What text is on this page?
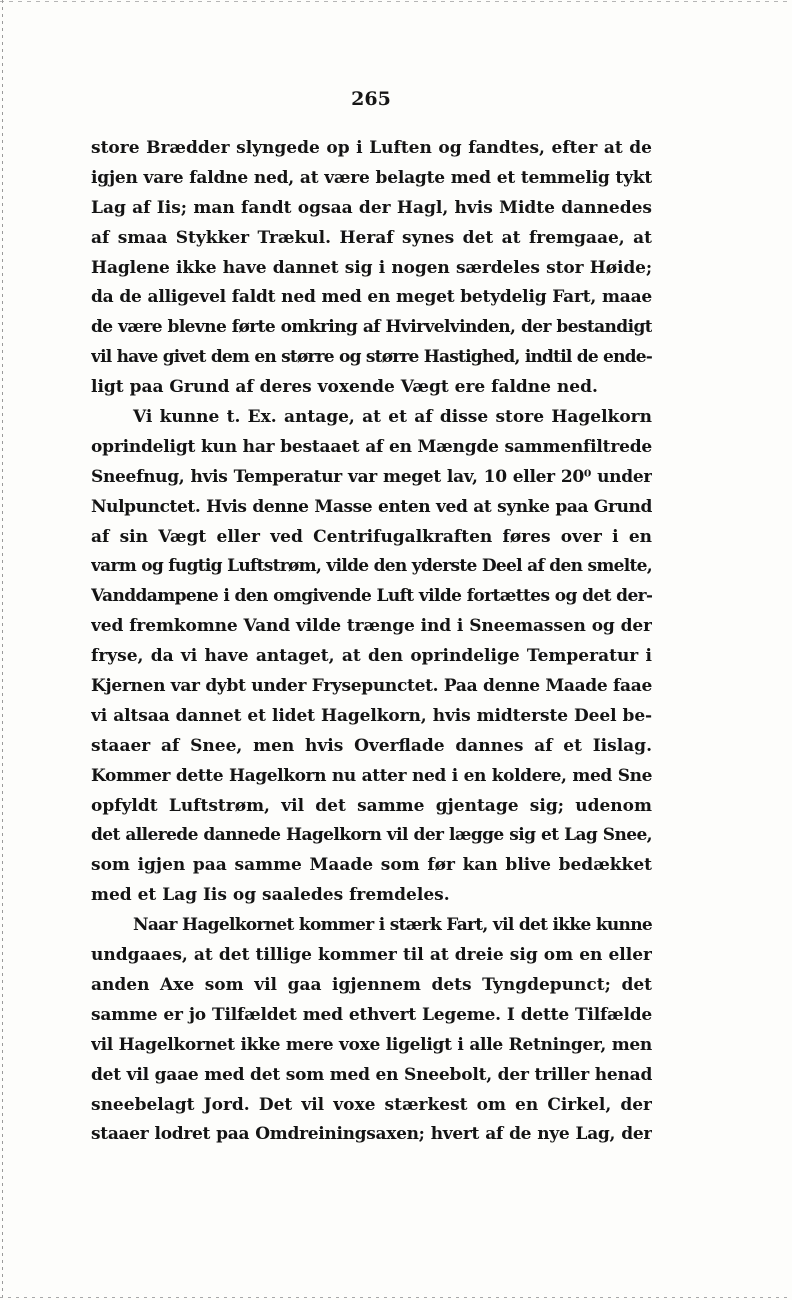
265
store Brædder slyngede op i Luften og fandtes, efter at de
igjen vare faldne ned, at være belagte med et temmelig tykt
Lag af Iis; man fandt ogsaa der Hagl, hvis Midte dannedes
af smaa Stykker Trækul. Heraf synes det at fremgaae, at
Haglene ikke have dannet sig i nogen særdeles stor Høide;
da de alligevel faldt ned med en meget betydelig Fart, maae
de være blevne førte omkring af Hvirvelvinden, der bestandigt
vil have givet dem en større og større Hastighed, indtil de ende-
ligt paa Grund af deres voxende Vægt ere faldne ned.
Vi kunne t. Ex. antage, at et af disse store Hagelkorn
oprindeligt kun har bestaaet af en Mængde sammenfiltrede
Sneefnug, hvis Temperatur var meget lav, 10 eller 20⁰ under
Nulpunctet. Hvis denne Masse enten ved at synke paa Grund
af sin Vægt eller ved Centrifugalkraften føres over i en
varm og fugtig Luftstrøm, vilde den yderste Deel af den smelte,
Vanddampene i den omgivende Luft vilde fortættes og det der-
ved fremkomne Vand vilde trænge ind i Sneemassen og der
fryse, da vi have antaget, at den oprindelige Temperatur i
Kjernen var dybt under Frysepunctet. Paa denne Maade faae
vi altsaa dannet et lidet Hagelkorn, hvis midterste Deel be-
staaer af Snee, men hvis Overflade dannes af et Iislag.
Kommer dette Hagelkorn nu atter ned i en koldere, med Sne
opfyldt Luftstrøm, vil det samme gjentage sig; udenom
det allerede dannede Hagelkorn vil der lægge sig et Lag Snee,
som igjen paa samme Maade som før kan blive bedækket
med et Lag Iis og saaledes fremdeles.
Naar Hagelkornet kommer i stærk Fart, vil det ikke kunne
undgaaes, at det tillige kommer til at dreie sig om en eller
anden Axe som vil gaa igjennem dets Tyngdepunct; det
samme er jo Tilfældet med ethvert Legeme. I dette Tilfælde
vil Hagelkornet ikke mere voxe ligeligt i alle Retninger, men
det vil gaae med det som med en Sneebolt, der triller henad
sneebelagt Jord. Det vil voxe stærkest om en Cirkel, der
staaer lodret paa Omdreiningsaxen; hvert af de nye Lag, der
